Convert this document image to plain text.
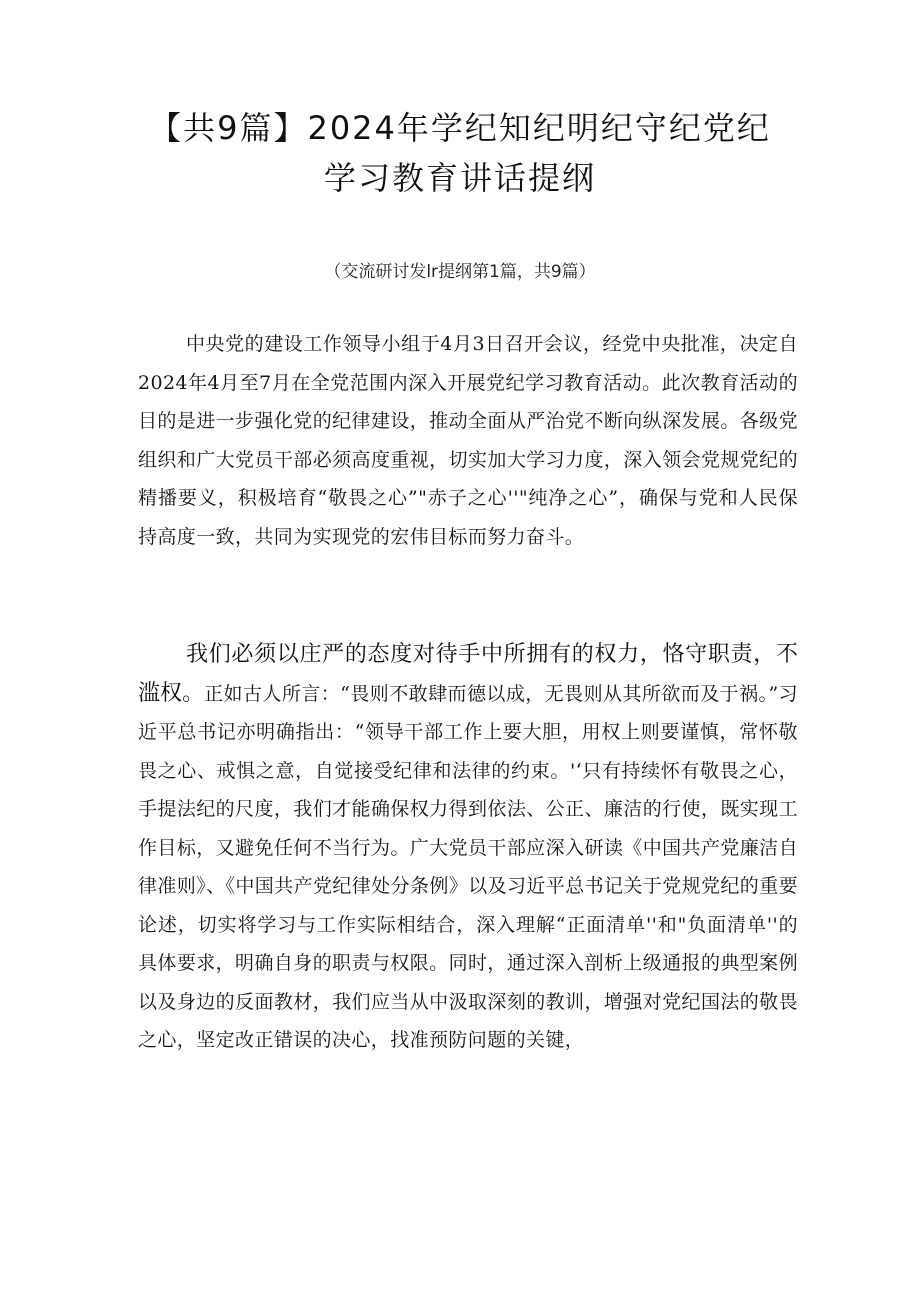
【共9篇】2024年学纪知纪明纪守纪党纪
学习教育讲话提纲
（交流研讨发lr提纲第1篇，共9篇）

中央党的建设工作领导小组于4月3日召开会议，经党中央批准，决定自2024年4月至7月在全党范围内深入开展党纪学习教育活动。此次教育活动的目的是进一步强化党的纪律建设，推动全面从严治党不断向纵深发展。各级党组织和广大党员干部必须高度重视，切实加大学习力度，深入领会党规党纪的精播要义，积极培育“敬畏之心”"赤子之心''"纯净之心”，确保与党和人民保持高度一致，共同为实现党的宏伟目标而努力奋斗。

我们必须以庄严的态度对待手中所拥有的权力，恪守职责，不滥权。正如古人所言：“畏则不敢肆而德以成，无畏则从其所欲而及于祸。”习近平总书记亦明确指出：“领导干部工作上要大胆，用权上则要谨慎，常怀敬畏之心、戒惧之意，自觉接受纪律和法律的约束。'‘只有持续怀有敬畏之心，手提法纪的尺度，我们才能确保权力得到依法、公正、廉洁的行使，既实现工作目标，又避免任何不当行为。广大党员干部应深入研读《中国共产党廉洁自律准则》、《中国共产党纪律处分条例》以及习近平总书记关于党规党纪的重要论述，切实将学习与工作实际相结合，深入理解“正面清单''和"负面清单''的具体要求，明确自身的职责与权限。同时，通过深入剖析上级通报的典型案例以及身边的反面教材，我们应当从中汲取深刻的教训，增强对党纪国法的敬畏之心，坚定改正错误的决心，找准预防问题的关键，
